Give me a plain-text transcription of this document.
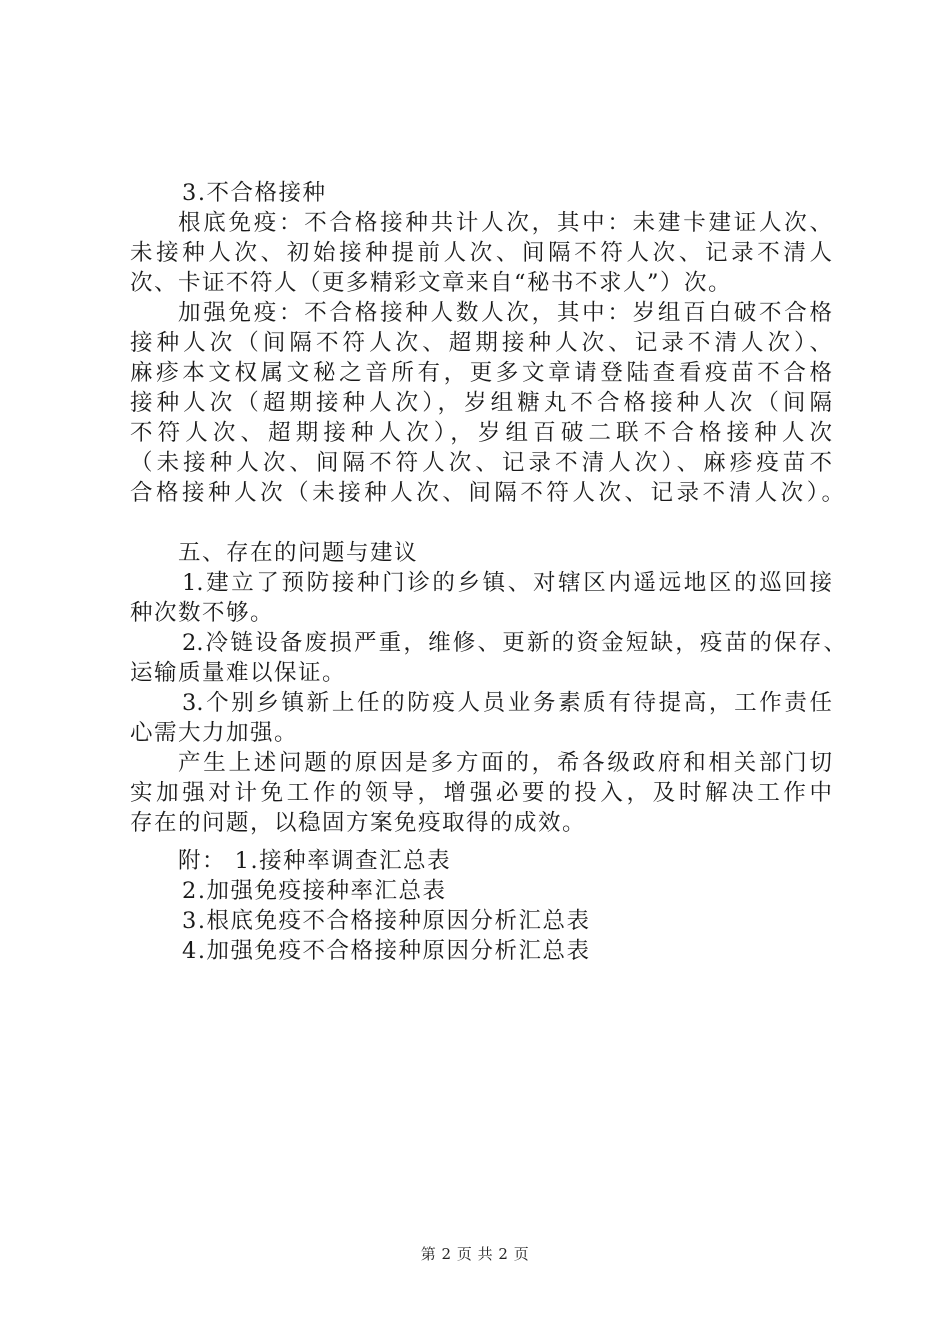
3.不合格接种

根底免疫：不合格接种共计人次，其中：未建卡建证人次、

未接种人次、初始接种提前人次、间隔不符人次、记录不清人

次、卡证不符人（更多精彩文章来自“秘书不求人”）次。

加强免疫：不合格接种人数人次，其中：岁组百白破不合格

接种人次（间隔不符人次、超期接种人次、记录不清人次）、

麻疹本文权属文秘之音所有，更多文章请登陆查看疫苗不合格

接种人次（超期接种人次），岁组糖丸不合格接种人次（间隔

不符人次、超期接种人次），岁组百破二联不合格接种人次

（未接种人次、间隔不符人次、记录不清人次）、麻疹疫苗不

合格接种人次（未接种人次、间隔不符人次、记录不清人次）。

五、存在的问题与建议

1.建立了预防接种门诊的乡镇、对辖区内遥远地区的巡回接

种次数不够。

2.冷链设备废损严重，维修、更新的资金短缺，疫苗的保存、

运输质量难以保证。

3.个别乡镇新上任的防疫人员业务素质有待提高，工作责任

心需大力加强。

产生上述问题的原因是多方面的，希各级政府和相关部门切

实加强对计免工作的领导，增强必要的投入，及时解决工作中

存在的问题，以稳固方案免疫取得的成效。

附： 1.接种率调查汇总表

2.加强免疫接种率汇总表

3.根底免疫不合格接种原因分析汇总表

4.加强免疫不合格接种原因分析汇总表

第 2 页 共 2 页
